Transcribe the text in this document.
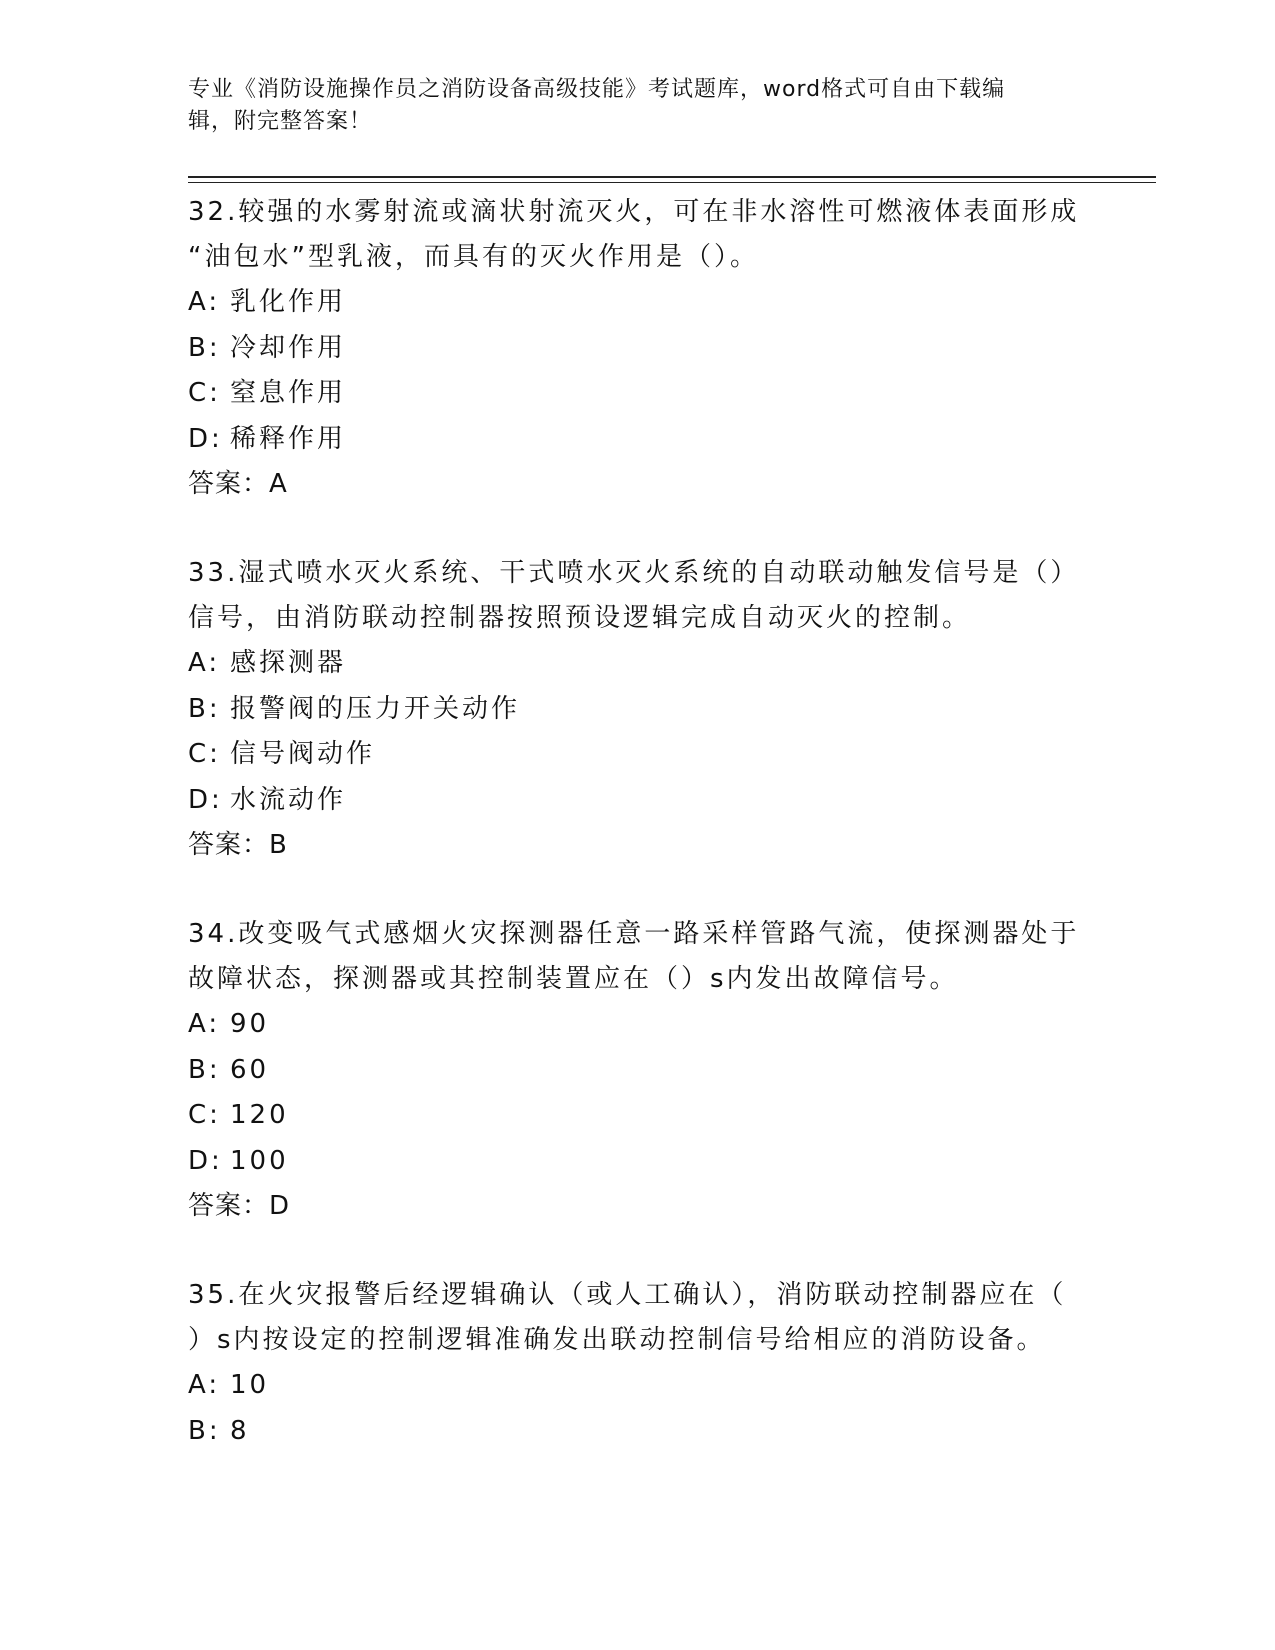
专业《消防设施操作员之消防设备高级技能》考试题库，word格式可自由下载编
辑，附完整答案！

32.较强的水雾射流或滴状射流灭火，可在非水溶性可燃液体表面形成
“油包水”型乳液，而具有的灭火作用是（）。

A: 乳化作用
B: 冷却作用
C: 窒息作用
D: 稀释作用
答案：A

33.湿式喷水灭火系统、干式喷水灭火系统的自动联动触发信号是（）
信号，由消防联动控制器按照预设逻辑完成自动灭火的控制。

A: 感探测器
B: 报警阀的压力开关动作
C: 信号阀动作
D: 水流动作
答案：B

34.改变吸气式感烟火灾探测器任意一路采样管路气流，使探测器处于
故障状态，探测器或其控制装置应在（）s内发出故障信号。

A: 90
B: 60
C: 120
D: 100
答案：D

35.在火灾报警后经逻辑确认（或人工确认），消防联动控制器应在（
）s内按设定的控制逻辑准确发出联动控制信号给相应的消防设备。

A: 10
B: 8
